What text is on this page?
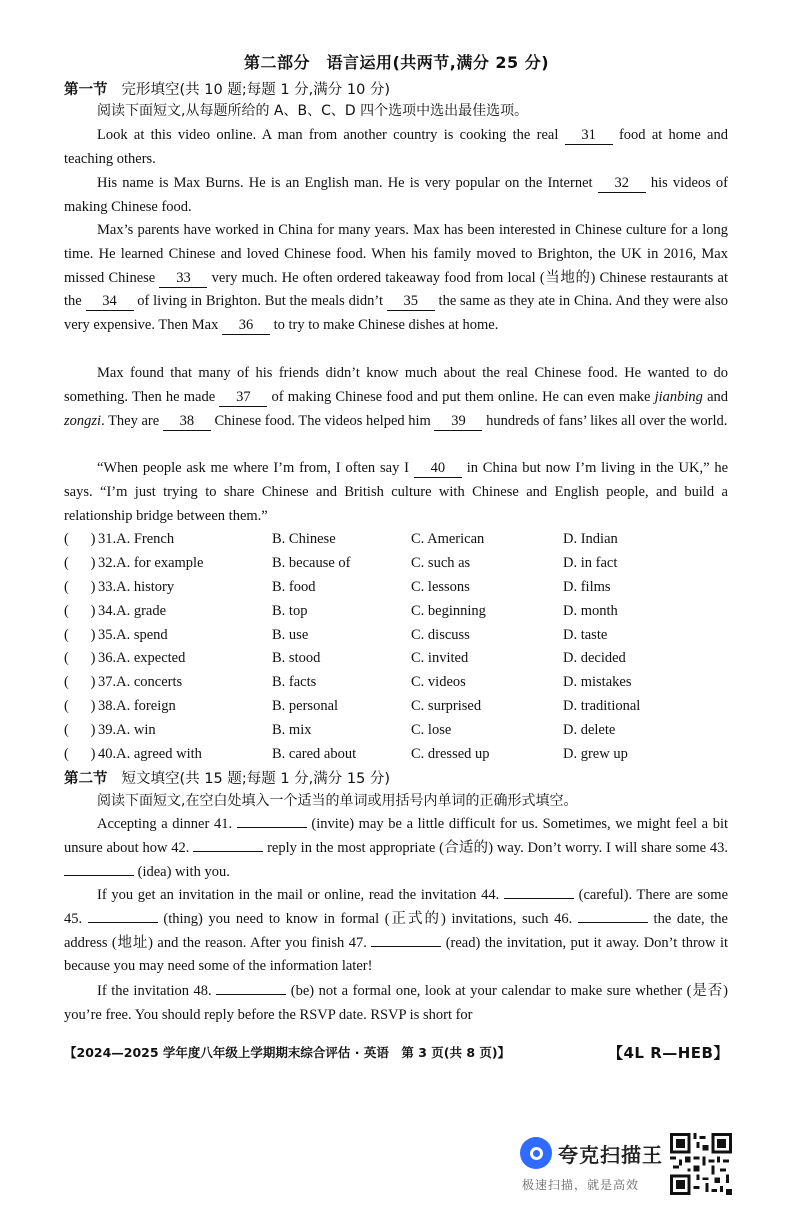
第二部分　语言运用(共两节,满分 25 分)
第一节 完形填空(共 10 题;每题 1 分,满分 10 分)
阅读下面短文,从每题所给的 A、B、C、D 四个选项中选出最佳选项。
Look at this video online. A man from another country is cooking the real 31 food at home and teaching others.
His name is Max Burns. He is an English man. He is very popular on the Internet 32 his videos of making Chinese food.
Max’s parents have worked in China for many years. Max has been interested in Chinese culture for a long time. He learned Chinese and loved Chinese food. When his family moved to Brighton, the UK in 2016, Max missed Chinese 33 very much. He often ordered takeaway food from local (当地的) Chinese restaurants at the 34 of living in Brighton. But the meals didn’t 35 the same as they ate in China. And they were also very expensive. Then Max 36 to try to make Chinese dishes at home.
Max found that many of his friends didn’t know much about the real Chinese food. He wanted to do something. Then he made 37 of making Chinese food and put them online. He can even make jianbing and zongzi. They are 38 Chinese food. The videos helped him 39 hundreds of fans’ likes all over the world.
“When people ask me where I’m from, I often say I 40 in China but now I’m living in the UK,” he says. “I’m just trying to share Chinese and British culture with Chinese and English people, and build a relationship bridge between them.”
(      ) 31.A. French	B. Chinese	C. American	D. Indian
(      ) 32.A. for example	B. because of	C. such as	D. in fact
(      ) 33.A. history	B. food	C. lessons	D. films
(      ) 34.A. grade	B. top	C. beginning	D. month
(      ) 35.A. spend	B. use	C. discuss	D. taste
(      ) 36.A. expected	B. stood	C. invited	D. decided
(      ) 37.A. concerts	B. facts	C. videos	D. mistakes
(      ) 38.A. foreign	B. personal	C. surprised	D. traditional
(      ) 39.A. win	B. mix	C. lose	D. delete
(      ) 40.A. agreed with	B. cared about	C. dressed up	D. grew up
第二节 短文填空(共 15 题;每题 1 分,满分 15 分)
阅读下面短文,在空白处填入一个适当的单词或用括号内单词的正确形式填空。
Accepting a dinner 41.	(invite) may be a little difficult for us. Sometimes, we might feel a bit unsure about how 42.	reply in the most appropriate (合适的) way. Don’t worry. I will share some 43.  (idea) with you.
If you get an invitation in the mail or online, read the invitation 44.	(careful). There are some 45.	(thing) you need to know in formal (正式的) invitations, such 46.	the date, the address (地址) and the reason. After you finish 47.	(read) the invitation, put it away. Don’t throw it because you may need some of the information later!
If the invitation 48.	(be) not a formal one, look at your calendar to make sure whether (是否) you’re free. You should reply before the RSVP date. RSVP is short for
【2024—2025 学年度八年级上学期期末综合评估 · 英语　第 3 页(共 8 页)】	【4L R—HEB】
夸克扫描王
极速扫描，就是高效
